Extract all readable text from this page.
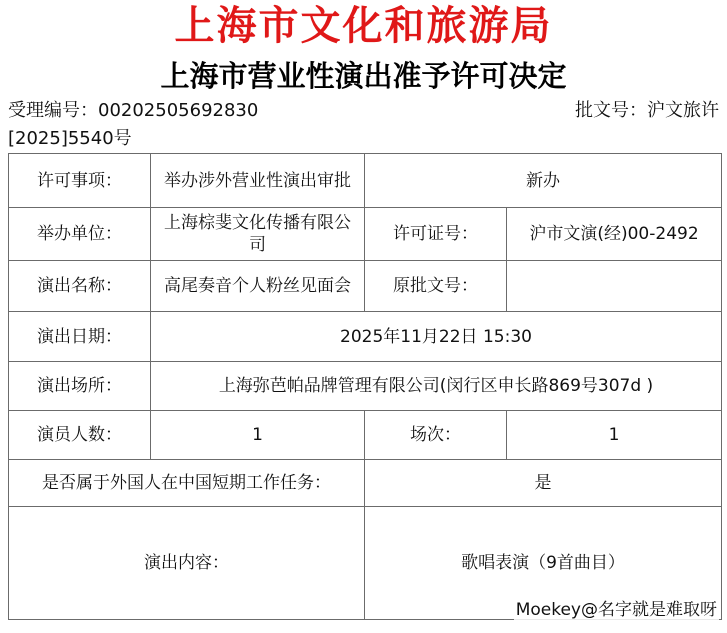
上海市文化和旅游局
上海市营业性演出准予许可决定
受理编号：00202505692830	批文号：沪文旅许
[2025]5540号
许可事项：	举办涉外营业性演出审批	新办	
举办单位：	上海棕斐文化传播有限公司	许可证号：	沪市文演(经)00-2492
演出名称：	高尾奏音个人粉丝见面会	原批文号：	
演出日期：	2025年11月22日 15:30		
演出场所：	上海弥芭帕品牌管理有限公司(闵行区申长路869号307d )		
演员人数：	1	场次：	1
是否属于外国人在中国短期工作任务：		是	
演出内容：		歌唱表演（9首曲目）	
Moekey@名字就是难取呀
